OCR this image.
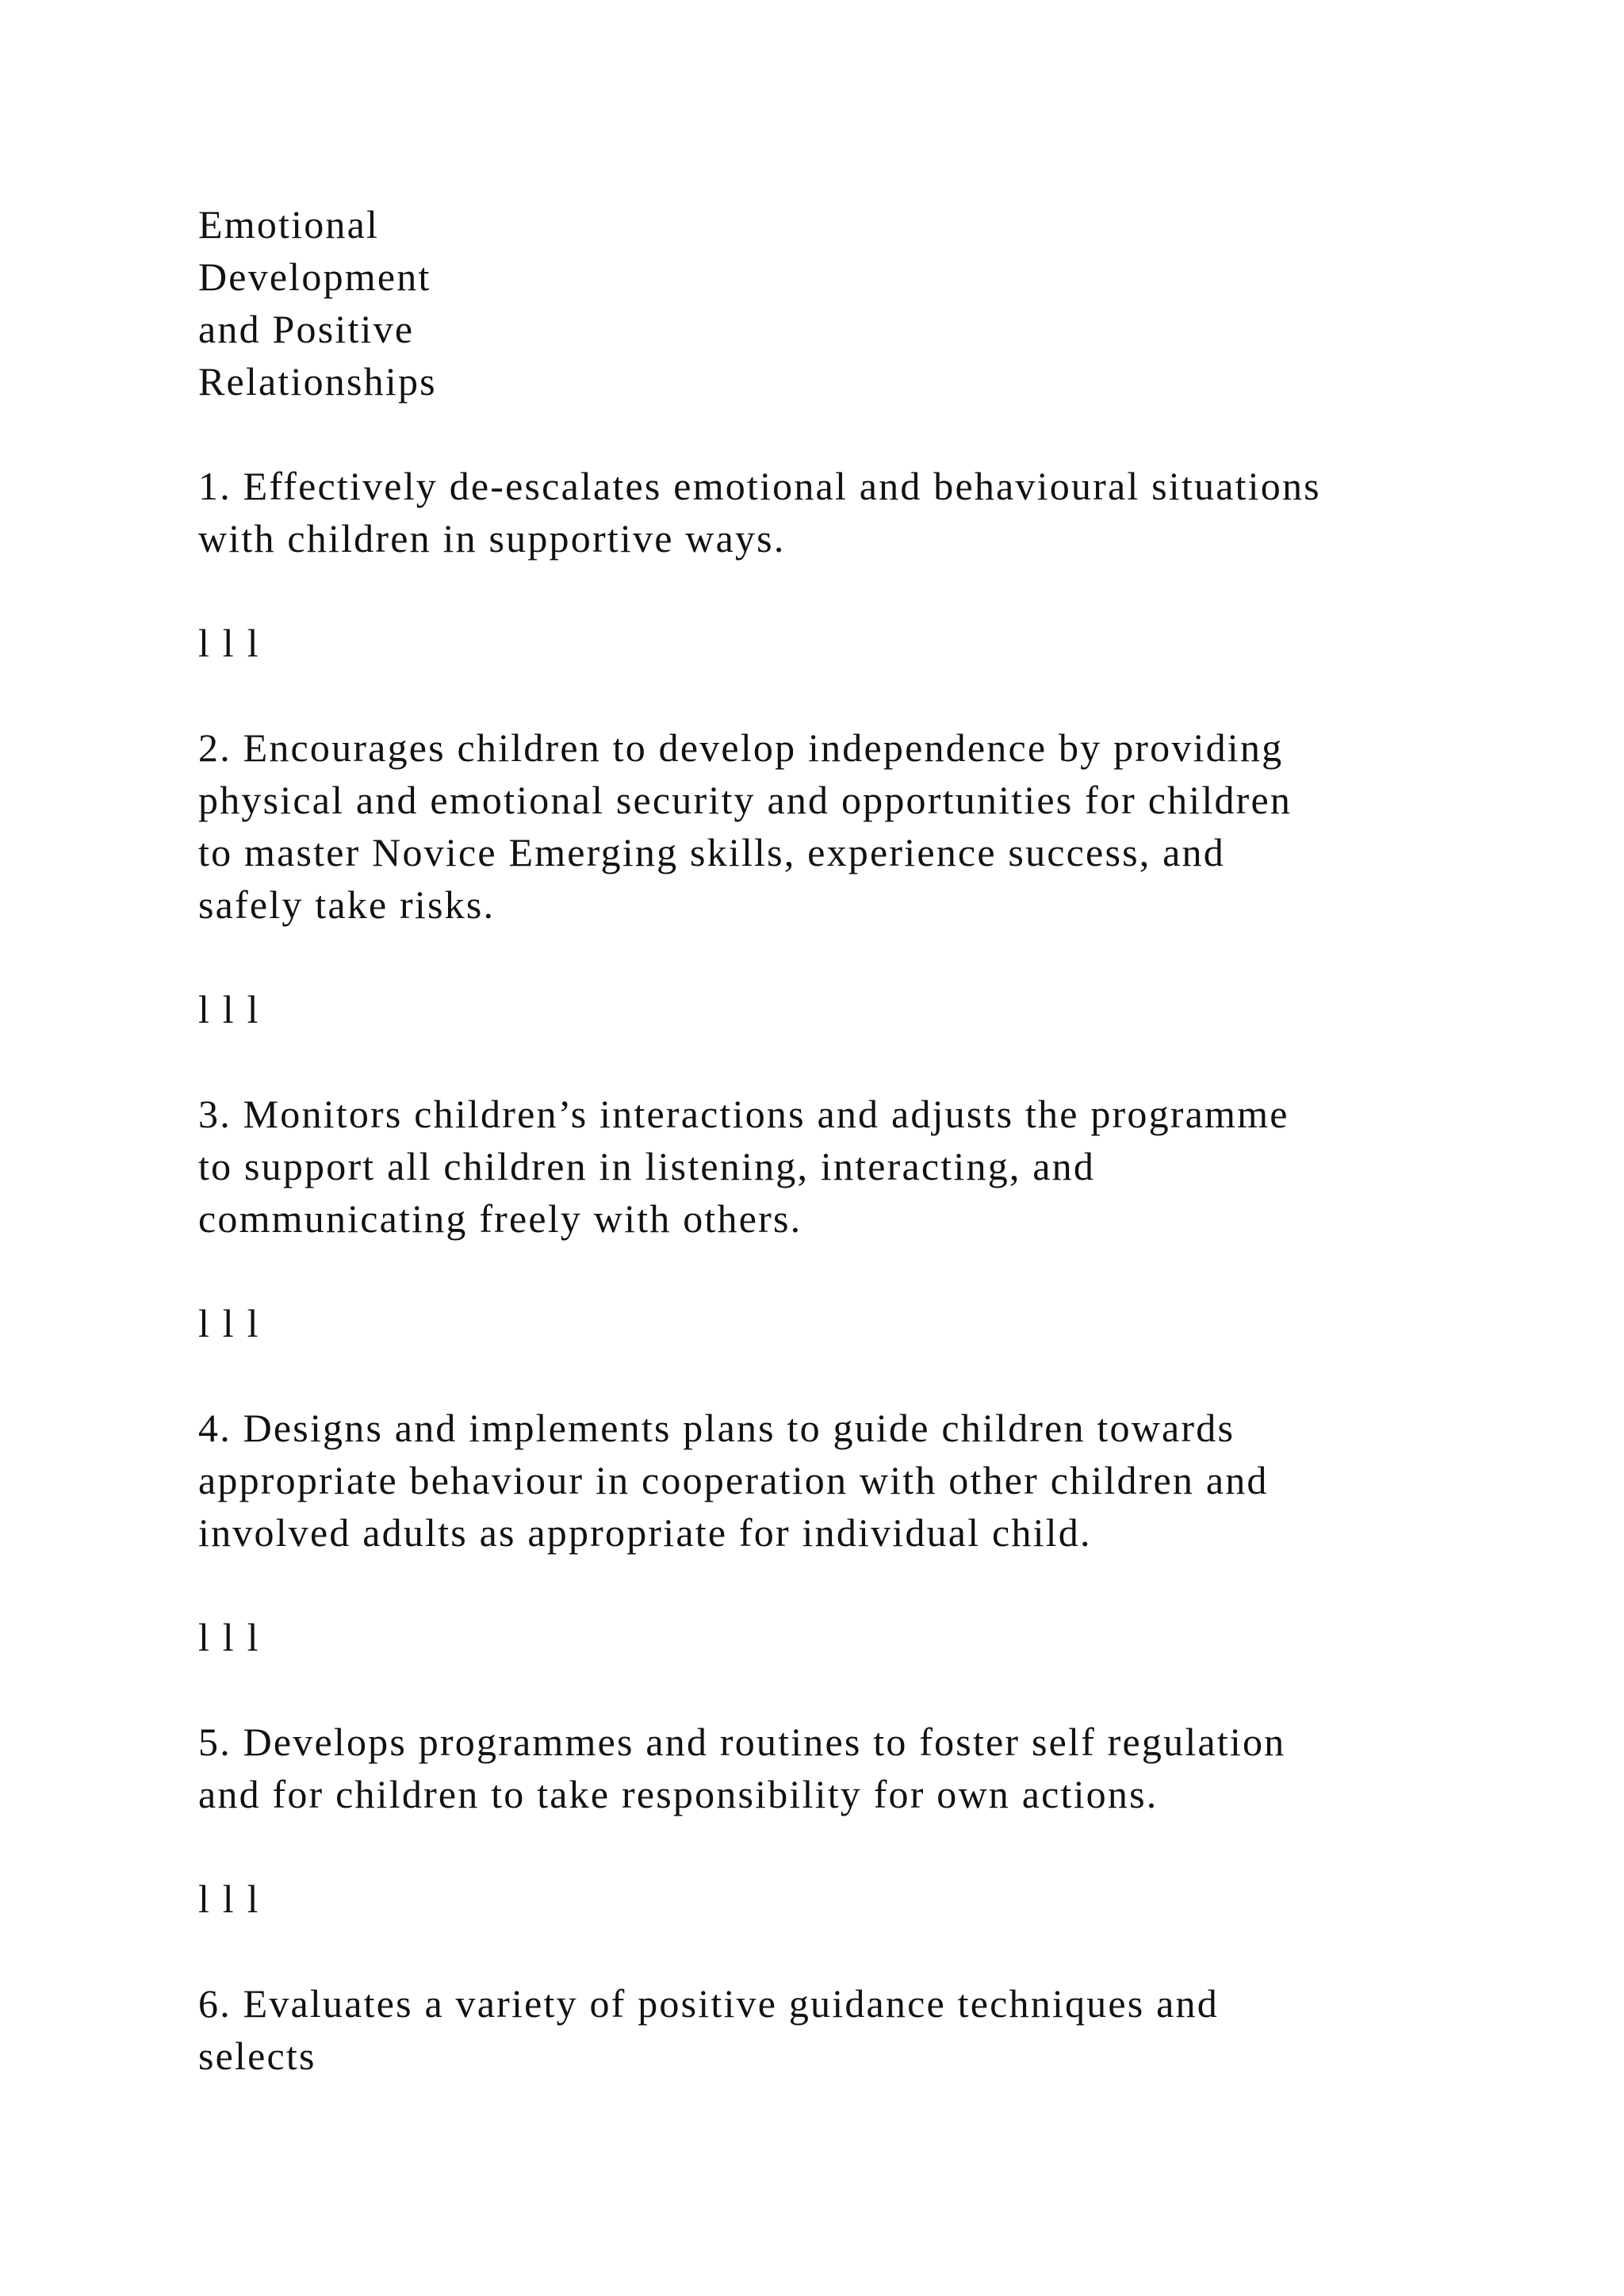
Emotional
Development
and Positive
Relationships

1. Effectively de-escalates emotional and behavioural situations
with children in supportive ways.

l l l

2. Encourages children to develop independence by providing
physical and emotional security and opportunities for children
to master Novice Emerging skills, experience success, and
safely take risks.

l l l

3. Monitors children’s interactions and adjusts the programme
to support all children in listening, interacting, and
communicating freely with others.

l l l

4. Designs and implements plans to guide children towards
appropriate behaviour in cooperation with other children and
involved adults as appropriate for individual child.

l l l

5. Develops programmes and routines to foster self regulation
and for children to take responsibility for own actions.

l l l

6. Evaluates a variety of positive guidance techniques and
selects
